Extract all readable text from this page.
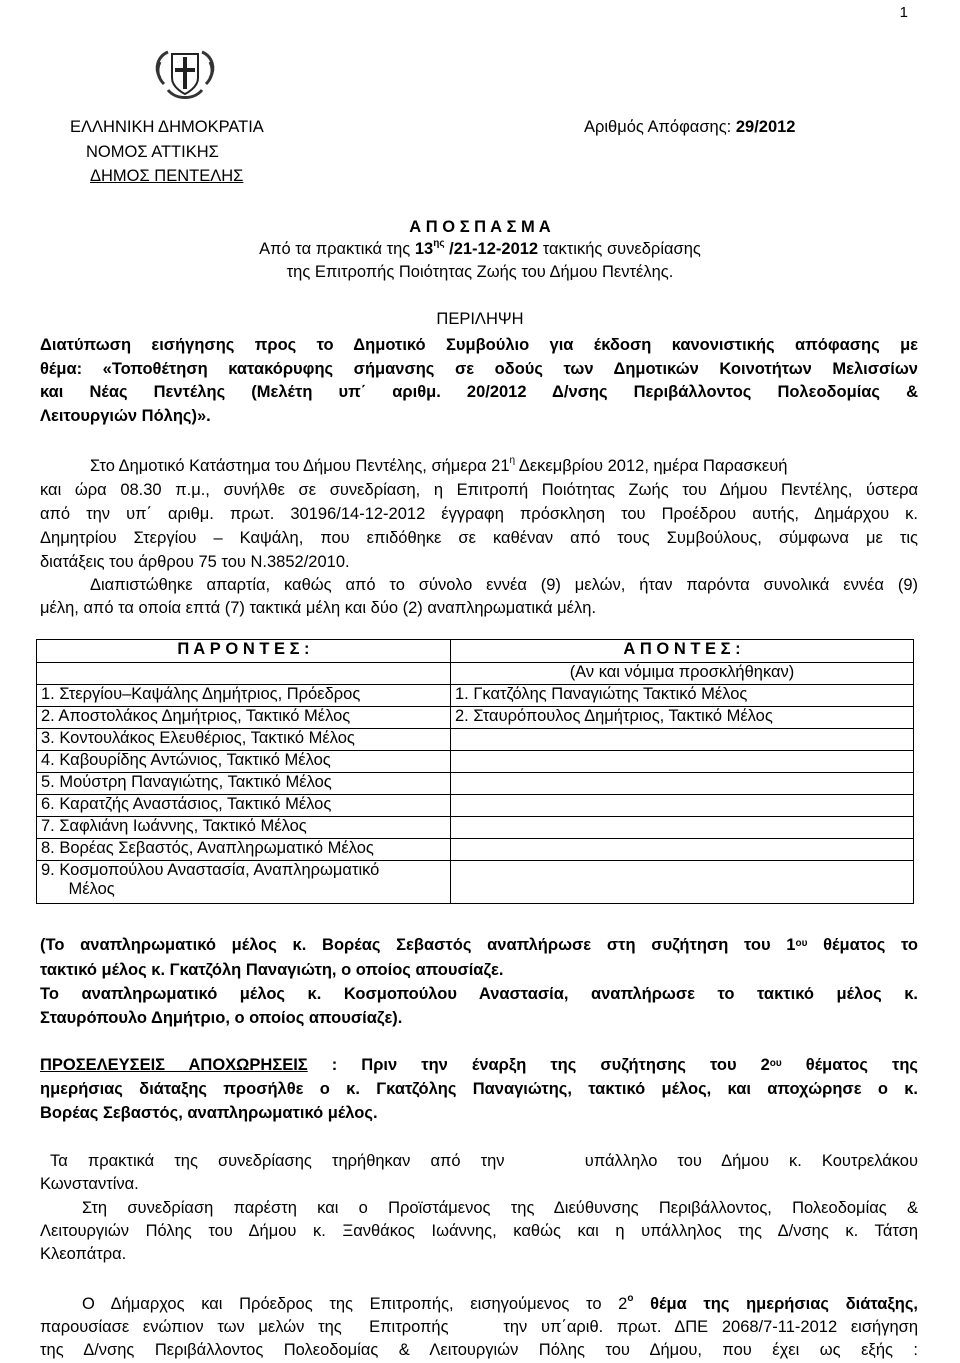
1
ΕΛΛΗΝΙΚΗ ΔΗΜΟΚΡΑΤΙΑ
ΝΟΜΟΣ ΑΤΤΙΚΗΣ
ΔΗΜΟΣ ΠΕΝΤΕΛΗΣ
Αριθμός Απόφασης: 29/2012
Α Π Ο Σ Π Α Σ Μ Α
Από τα πρακτικά της $13^{\eta\varsigma}$ /21-12-2012 τακτικής συνεδρίασης
της Επιτροπής Ποιότητας Ζωής του Δήμου Πεντέλης.
ΠΕΡΙΛΗΨΗ
Διατύπωση εισήγησης προς το Δημοτικό Συμβούλιο για έκδοση κανονιστικής απόφασης με
θέμα: «Τοποθέτηση κατακόρυφης σήμανσης σε οδούς των Δημοτικών Κοινοτήτων Μελισσίων
και Νέας Πεντέλης (Μελέτη υπ΄ αριθμ. 20/2012 Δ/νσης Περιβάλλοντος Πολεοδομίας &
Λειτουργιών Πόλης)».
Στο Δημοτικό Κατάστημα του Δήμου Πεντέλης, σήμερα $21^\eta$ Δεκεμβρίου 2012, ημέρα Παρασκευή
και ώρα 08.30 π.μ., συνήλθε σε συνεδρίαση, η Επιτροπή Ποιότητας Ζωής του Δήμου Πεντέλης, ύστερα
από την υπ΄ αριθμ. πρωτ. 30196/14-12-2012 έγγραφη πρόσκληση του Προέδρου αυτής, Δημάρχου κ.
Δημητρίου Στεργίου – Καψάλη, που επιδόθηκε σε καθέναν από τους Συμβούλους, σύμφωνα με τις
διατάξεις του άρθρου 75 του Ν.3852/2010.
Διαπιστώθηκε απαρτία, καθώς από το σύνολο εννέα (9) μελών, ήταν παρόντα συνολικά εννέα (9)
μέλη, από τα οποία επτά (7) τακτικά μέλη και δύο (2) αναπληρωματικά μέλη.
Π Α Ρ Ο Ν Τ Ε Σ :	Α Π Ο Ν Τ Ε Σ :
	(Αν και νόμιμα προσκλήθηκαν)
1. Στεργίου–Καψάλης Δημήτριος, Πρόεδρος	1. Γκατζόλης Παναγιώτης Τακτικό Μέλος
2. Αποστολάκος Δημήτριος, Τακτικό Μέλος	2. Σταυρόπουλος Δημήτριος, Τακτικό Μέλος
3. Κοντουλάκος Ελευθέριος, Τακτικό Μέλος	
4. Καβουρίδης Αντώνιος, Τακτικό Μέλος	
5. Μούστρη Παναγιώτης, Τακτικό Μέλος	
6. Καρατζής Αναστάσιος, Τακτικό Μέλος	
7. Σαφλιάνη Ιωάννης, Τακτικό Μέλος	
8. Βορέας Σεβαστός, Αναπληρωματικό Μέλος	

9. Κοσμοπούλου Αναστασία, Αναπληρωματικό
Μέλος	

(Το αναπληρωματικό μέλος κ. Βορέας Σεβαστός αναπλήρωσε στη συζήτηση του $1^{o\upsilon}$ θέματος το
τακτικό μέλος κ. Γκατζόλη Παναγιώτη, ο οποίος απουσίαζε.
Το αναπληρωματικό μέλος κ. Κοσμοπούλου Αναστασία, αναπλήρωσε το τακτικό μέλος κ.
Σταυρόπουλο Δημήτριο, ο οποίος απουσίαζε).
ΠΡΟΣΕΛΕΥΣΕΙΣ ΑΠΟΧΩΡΗΣΕΙΣ : Πριν την έναρξη της συζήτησης του $2^{o\upsilon}$ θέματος της
ημερήσιας διάταξης προσήλθε ο κ. Γκατζόλης Παναγιώτης, τακτικό μέλος, και αποχώρησε ο κ.
Βορέας Σεβαστός, αναπληρωματικό μέλος.
Τα πρακτικά της συνεδρίασης τηρήθηκαν από την    υπάλληλο του Δήμου κ. Κουτρελάκου
Κωνσταντίνα.
Στη συνεδρίαση παρέστη και ο Προϊστάμενος της Διεύθυνσης Περιβάλλοντος, Πολεοδομίας &
Λειτουργιών Πόλης του Δήμου κ. Ξανθάκος Ιωάννης, καθώς και η υπάλληλος της Δ/νσης κ. Τάτση
Κλεοπάτρα.
Ο Δήμαρχος και Πρόεδρος της Επιτροπής, εισηγούμενος το $2^o$ θέμα της ημερήσιας διάταξης,
παρουσίασε ενώπιον των μελών της  Επιτροπής    την υπ΄αριθ. πρωτ. ΔΠΕ 2068/7-11-2012 εισήγηση
της Δ/νσης Περιβάλλοντος Πολεοδομίας & Λειτουργιών Πόλης του Δήμου, που έχει ως εξής :
